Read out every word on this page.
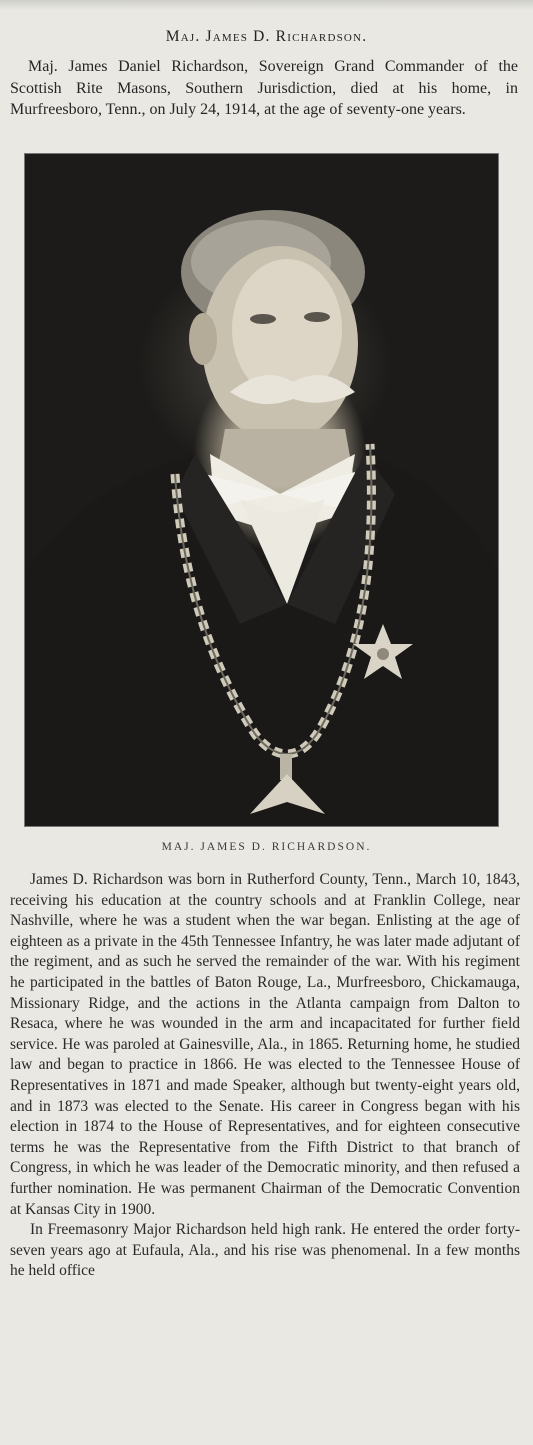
Maj. James D. Richardson.
Maj. James Daniel Richardson, Sovereign Grand Commander of the Scottish Rite Masons, Southern Jurisdiction, died at his home, in Murfreesboro, Tenn., on July 24, 1914, at the age of seventy-one years.
MAJ. JAMES D. RICHARDSON.

James D. Richardson was born in Rutherford County, Tenn., March 10, 1843, receiving his education at the country schools and at Franklin College, near Nashville, where he was a student when the war began. Enlisting at the age of eighteen as a private in the 45th Tennessee Infantry, he was later made adjutant of the regiment, and as such he served the remainder of the war. With his regiment he participated in the battles of Baton Rouge, La., Murfreesboro, Chickamauga, Missionary Ridge, and the actions in the Atlanta campaign from Dalton to Resaca, where he was wounded in the arm and incapacitated for further field service. He was paroled at Gainesville, Ala., in 1865. Returning home, he studied law and began to practice in 1866. He was elected to the Tennessee House of Representatives in 1871 and made Speaker, although but twenty-eight years old, and in 1873 was elected to the Senate. His career in Congress began with his election in 1874 to the House of Representatives, and for eighteen consecutive terms he was the Representative from the Fifth District to that branch of Congress, in which he was leader of the Democratic minority, and then refused a further nomination. He was permanent Chairman of the Democratic Convention at Kansas City in 1900.

In Freemasonry Major Richardson held high rank. He entered the order forty-seven years ago at Eufaula, Ala., and his rise was phenomenal. In a few months he held office
